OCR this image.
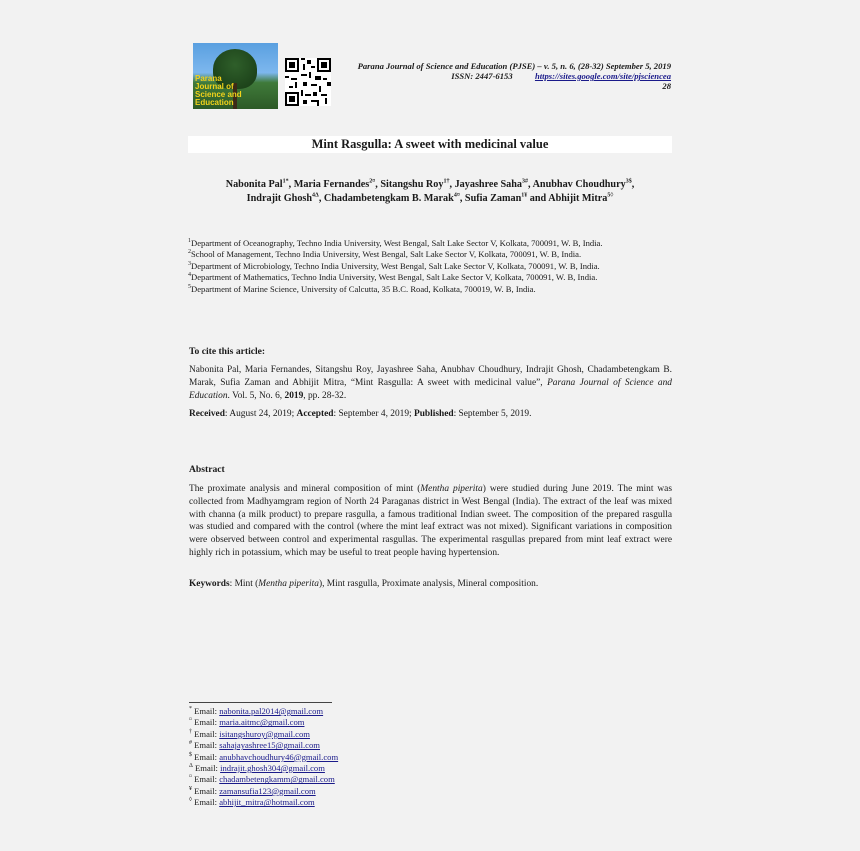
Parana
Journal of
Science and
Education
Parana Journal of Science and Education (PJSE) – v. 5, n. 6, (28-32) September 5, 2019
ISSN: 2447-6153	https://sites.google.com/site/pjsciencea
28
Mint Rasgulla: A sweet with medicinal value
Nabonita Pal$^{1*}$, Maria Fernandes$^{2¤}$, Sitangshu Roy$^{1\dagger}$, Jayashree Saha$^{3\#}$, Anubhav Choudhury$^{3\$}$,
Indrajit Ghosh$^{4\Delta}$, Chadambetengkam B. Marak$^{4¤}$, Sufia Zaman$^{1¥}$ and Abhijit Mitra$^{5◊}$
$^1$Department of Oceanography, Techno India University, West Bengal, Salt Lake Sector V, Kolkata, 700091, W. B, India.
$^2$School of Management, Techno India University, West Bengal, Salt Lake Sector V, Kolkata, 700091, W. B, India.
$^3$Department of Microbiology, Techno India University, West Bengal, Salt Lake Sector V, Kolkata, 700091, W. B, India.
$^4$Department of Mathematics, Techno India University, West Bengal, Salt Lake Sector V, Kolkata, 700091, W. B, India.
$^5$Department of Marine Science, University of Calcutta, 35 B.C. Road, Kolkata, 700019, W. B, India.
To cite this article:
Nabonita Pal, Maria Fernandes, Sitangshu Roy, Jayashree Saha, Anubhav Choudhury, Indrajit Ghosh, Chadambetengkam B. Marak, Sufia Zaman and Abhijit Mitra, “Mint Rasgulla: A sweet with medicinal value”, Parana Journal of Science and Education. Vol. 5, No. 6, 2019, pp. 28-32.
Received: August 24, 2019; Accepted: September 4, 2019; Published: September 5, 2019.
Abstract
The proximate analysis and mineral composition of mint (Mentha piperita) were studied during June 2019. The mint was collected from Madhyamgram region of North 24 Paraganas district in West Bengal (India). The extract of the leaf was mixed with channa (a milk product) to prepare rasgulla, a famous traditional Indian sweet. The composition of the prepared rasgulla was studied and compared with the control (where the mint leaf extract was not mixed). Significant variations in composition were observed between control and experimental rasgullas. The experimental rasgullas prepared from mint leaf extract were highly rich in potassium, which may be useful to treat people having hypertension.
Keywords: Mint (Mentha piperita), Mint rasgulla, Proximate analysis, Mineral composition.
* Email: nabonita.pal2014@gmail.com
¤ Email: maria.aitmc@gmail.com
† Email: isitangshuroy@gmail.com
# Email: sahajayashree15@gmail.com
$ Email: anubhavchoudhury46@gmail.com
$^\Delta$ Email: indrajit.ghosh304@gmail.com
¤ Email: chadambetengkamm@gmail.com
¥ Email: zamansufia123@gmail.com
◊ Email: abhijit_mitra@hotmail.com
